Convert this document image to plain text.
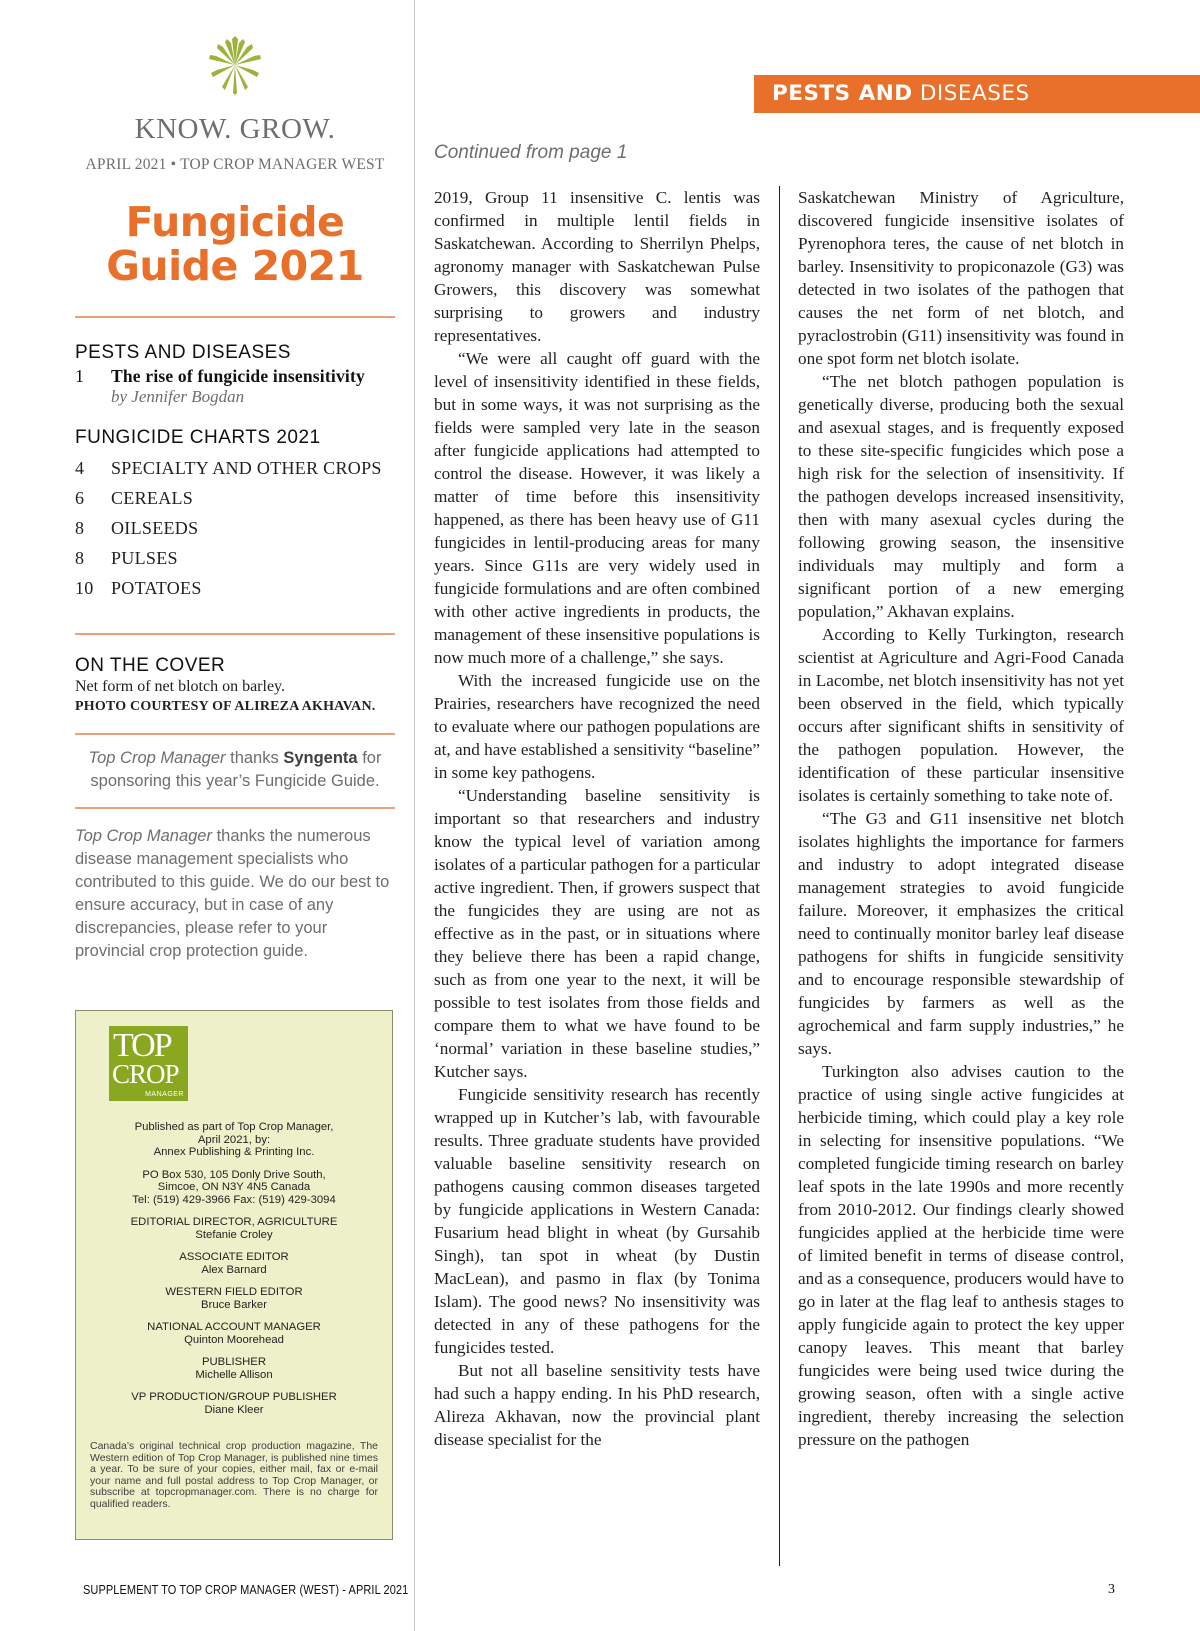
KNOW. GROW.
APRIL 2021 • TOP CROP MANAGER WEST
Fungicide
Guide 2021
PESTS AND DISEASES
1	The rise of fungicide insensitivity
by Jennifer Bogdan
FUNGICIDE CHARTS 2021
4	SPECIALTY AND OTHER CROPS
6	CEREALS
8	OILSEEDS
8	PULSES
10 POTATOES
ON THE COVER
Net form of net blotch on barley.
PHOTO COURTESY OF ALIREZA AKHAVAN.
Top Crop Manager thanks Syngenta for sponsoring this year’s Fungicide Guide.
Top Crop Manager thanks the numerous disease management specialists who contributed to this guide. We do our best to ensure accuracy, but in case of any discrepancies, please refer to your provincial crop protection guide.
TOP
CROP
MANAGER
Published as part of Top Crop Manager,
April 2021, by:
Annex Publishing & Printing Inc.
PO Box 530, 105 Donly Drive South,
Simcoe, ON N3Y 4N5 Canada
Tel: (519) 429-3966 Fax: (519) 429-3094
EDITORIAL DIRECTOR, AGRICULTURE
Stefanie Croley
ASSOCIATE EDITOR
Alex Barnard
WESTERN FIELD EDITOR
Bruce Barker
NATIONAL ACCOUNT MANAGER
Quinton Moorehead
PUBLISHER
Michelle Allison
VP PRODUCTION/GROUP PUBLISHER
Diane Kleer
Canada’s original technical crop production magazine, The Western edition of Top Crop Manager, is published nine times a year. To be sure of your copies, either mail, fax or e-mail your name and full postal address to Top Crop Manager, or subscribe at topcropmanager.com. There is no charge for qualified readers.
SUPPLEMENT TO TOP CROP MANAGER (WEST) - APRIL 2021	3
PESTS AND DISEASES
Continued from page 1

2019, Group 11 insensitive C. lentis was confirmed in multiple lentil fields in Saskatchewan. According to Sherrilyn Phelps, agronomy manager with Saskatchewan Pulse Growers, this discovery was somewhat surprising to growers and industry representatives.

“We were all caught off guard with the level of insensitivity identified in these fields, but in some ways, it was not surprising as the fields were sampled very late in the season after fungicide applications had attempted to control the disease. However, it was likely a matter of time before this insensitivity happened, as there has been heavy use of G11 fungicides in lentil-producing areas for many years. Since G11s are very widely used in fungicide formulations and are often combined with other active ingredients in products, the management of these insensitive populations is now much more of a challenge,” she says.

With the increased fungicide use on the Prairies, researchers have recognized the need to evaluate where our pathogen populations are at, and have established a sensitivity “baseline” in some key pathogens.

“Understanding baseline sensitivity is important so that researchers and industry know the typical level of variation among isolates of a particular pathogen for a particular active ingredient. Then, if growers suspect that the fungicides they are using are not as effective as in the past, or in situations where they believe there has been a rapid change, such as from one year to the next, it will be possible to test isolates from those fields and compare them to what we have found to be ‘normal’ variation in these baseline studies,” Kutcher says.

Fungicide sensitivity research has recently wrapped up in Kutcher’s lab, with favourable results. Three graduate students have provided valuable baseline sensitivity research on pathogens causing common diseases targeted by fungicide applications in Western Canada: Fusarium head blight in wheat (by Gursahib Singh), tan spot in wheat (by Dustin MacLean), and pasmo in flax (by Tonima Islam). The good news? No insensitivity was detected in any of these pathogens for the fungicides tested.

But not all baseline sensitivity tests have had such a happy ending. In his PhD research, Alireza Akhavan, now the provincial plant disease specialist for the

Saskatchewan Ministry of Agriculture, discovered fungicide insensitive isolates of Pyrenophora teres, the cause of net blotch in barley. Insensitivity to propiconazole (G3) was detected in two isolates of the pathogen that causes the net form of net blotch, and pyraclostrobin (G11) insensitivity was found in one spot form net blotch isolate.

“The net blotch pathogen population is genetically diverse, producing both the sexual and asexual stages, and is frequently exposed to these site-specific fungicides which pose a high risk for the selection of insensitivity. If the pathogen develops increased insensitivity, then with many asexual cycles during the following growing season, the insensitive individuals may multiply and form a significant portion of a new emerging population,” Akhavan explains.

According to Kelly Turkington, research scientist at Agriculture and Agri-Food Canada in Lacombe, net blotch insensitivity has not yet been observed in the field, which typically occurs after significant shifts in sensitivity of the pathogen population. However, the identification of these particular insensitive isolates is certainly something to take note of.

“The G3 and G11 insensitive net blotch isolates highlights the importance for farmers and industry to adopt integrated disease management strategies to avoid fungicide failure. Moreover, it emphasizes the critical need to continually monitor barley leaf disease pathogens for shifts in fungicide sensitivity and to encourage responsible stewardship of fungicides by farmers as well as the agrochemical and farm supply industries,” he says.

Turkington also advises caution to the practice of using single active fungicides at herbicide timing, which could play a key role in selecting for insensitive populations. “We completed fungicide timing research on barley leaf spots in the late 1990s and more recently from 2010-2012. Our findings clearly showed fungicides applied at the herbicide time were of limited benefit in terms of disease control, and as a consequence, producers would have to go in later at the flag leaf to anthesis stages to apply fungicide again to protect the key upper canopy leaves. This meant that barley fungicides were being used twice during the growing season, often with a single active ingredient, thereby increasing the selection pressure on the pathogen
